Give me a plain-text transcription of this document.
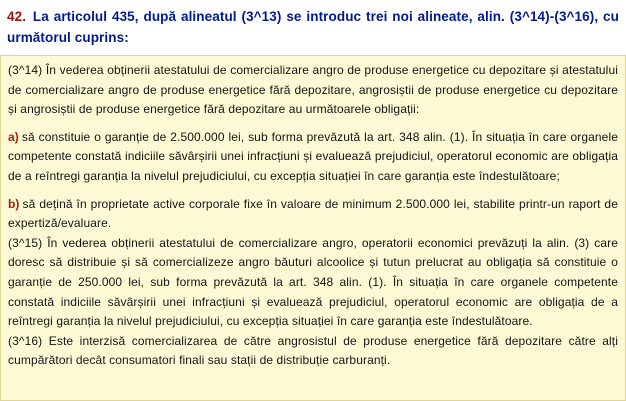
42. La articolul 435, după alineatul (3^13) se introduc trei noi alineate, alin. (3^14)-(3^16), cu următorul cuprins:

(3^14) În vederea obținerii atestatului de comercializare angro de produse energetice cu depozitare și atestatului de comercializare angro de produse energetice fără depozitare, angrosiștii de produse energetice cu depozitare și angrosiștii de produse energetice fără depozitare au următoarele obligații:

a) să constituie o garanție de 2.500.000 lei, sub forma prevăzută la art. 348 alin. (1). În situația în care organele competente constată indiciile săvârșirii unei infracțiuni și evaluează prejudiciul, operatorul economic are obligația de a reîntregi garanția la nivelul prejudiciului, cu excepția situației în care garanția este îndestulătoare;

b) să dețină în proprietate active corporale fixe în valoare de minimum 2.500.000 lei, stabilite printr-un raport de expertiză/evaluare.

(3^15) În vederea obținerii atestatului de comercializare angro, operatorii economici prevăzuți la alin. (3) care doresc să distribuie și să comercializeze angro băuturi alcoolice și tutun prelucrat au obligația să constituie o garanție de 250.000 lei, sub forma prevăzută la art. 348 alin. (1). În situația în care organele competente constată indiciile săvârșirii unei infracțiuni și evaluează prejudiciul, operatorul economic are obligația de a reîntregi garanția la nivelul prejudiciului, cu excepția situației în care garanția este îndestulătoare.

(3^16) Este interzisă comercializarea de către angrosistul de produse energetice fără depozitare către alți cumpărători decât consumatori finali sau stații de distribuție carburanți.
